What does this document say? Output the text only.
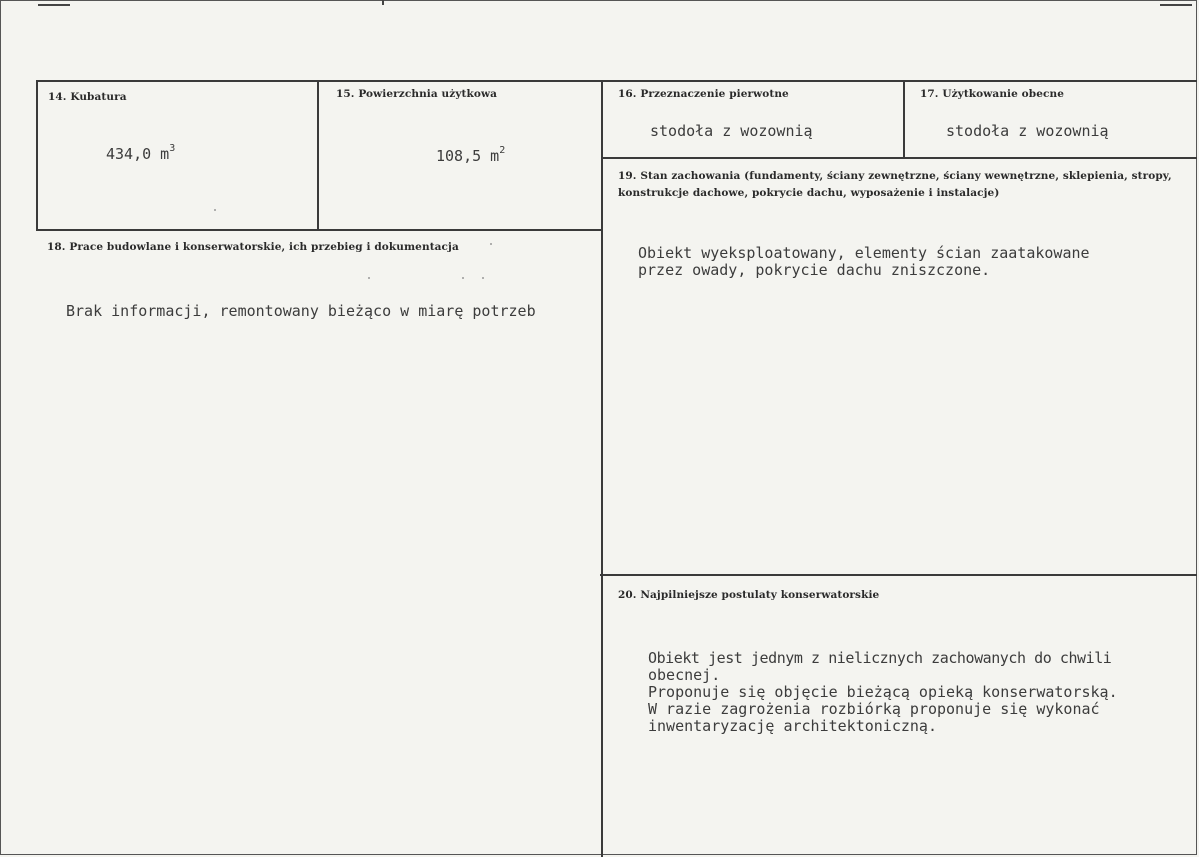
14. Kubatura
434,0 $m^3$
15. Powierzchnia użytkowa
108,5 $m^2$
16. Przeznaczenie pierwotne
stodoła z wozownią
17. Użytkowanie obecne
stodoła z wozownią
18. Prace budowlane i konserwatorskie, ich przebieg i dokumentacja
Brak informacji, remontowany bieżąco w miarę potrzeb
19. Stan zachowania (fundamenty, ściany zewnętrzne, ściany wewnętrzne, sklepienia, stropy, konstrukcje dachowe, pokrycie dachu, wyposażenie i instalacje)
Obiekt wyeksploatowany, elementy ścian zaatakowane
przez owady, pokrycie dachu zniszczone.
20. Najpilniejsze postulaty konserwatorskie
Obiekt jest jednym z nielicznych zachowanych do chwili
obecnej.
Proponuje się objęcie bieżącą opieką konserwatorską.
W razie zagrożenia rozbiórką proponuje się wykonać
inwentaryzację architektoniczną.
